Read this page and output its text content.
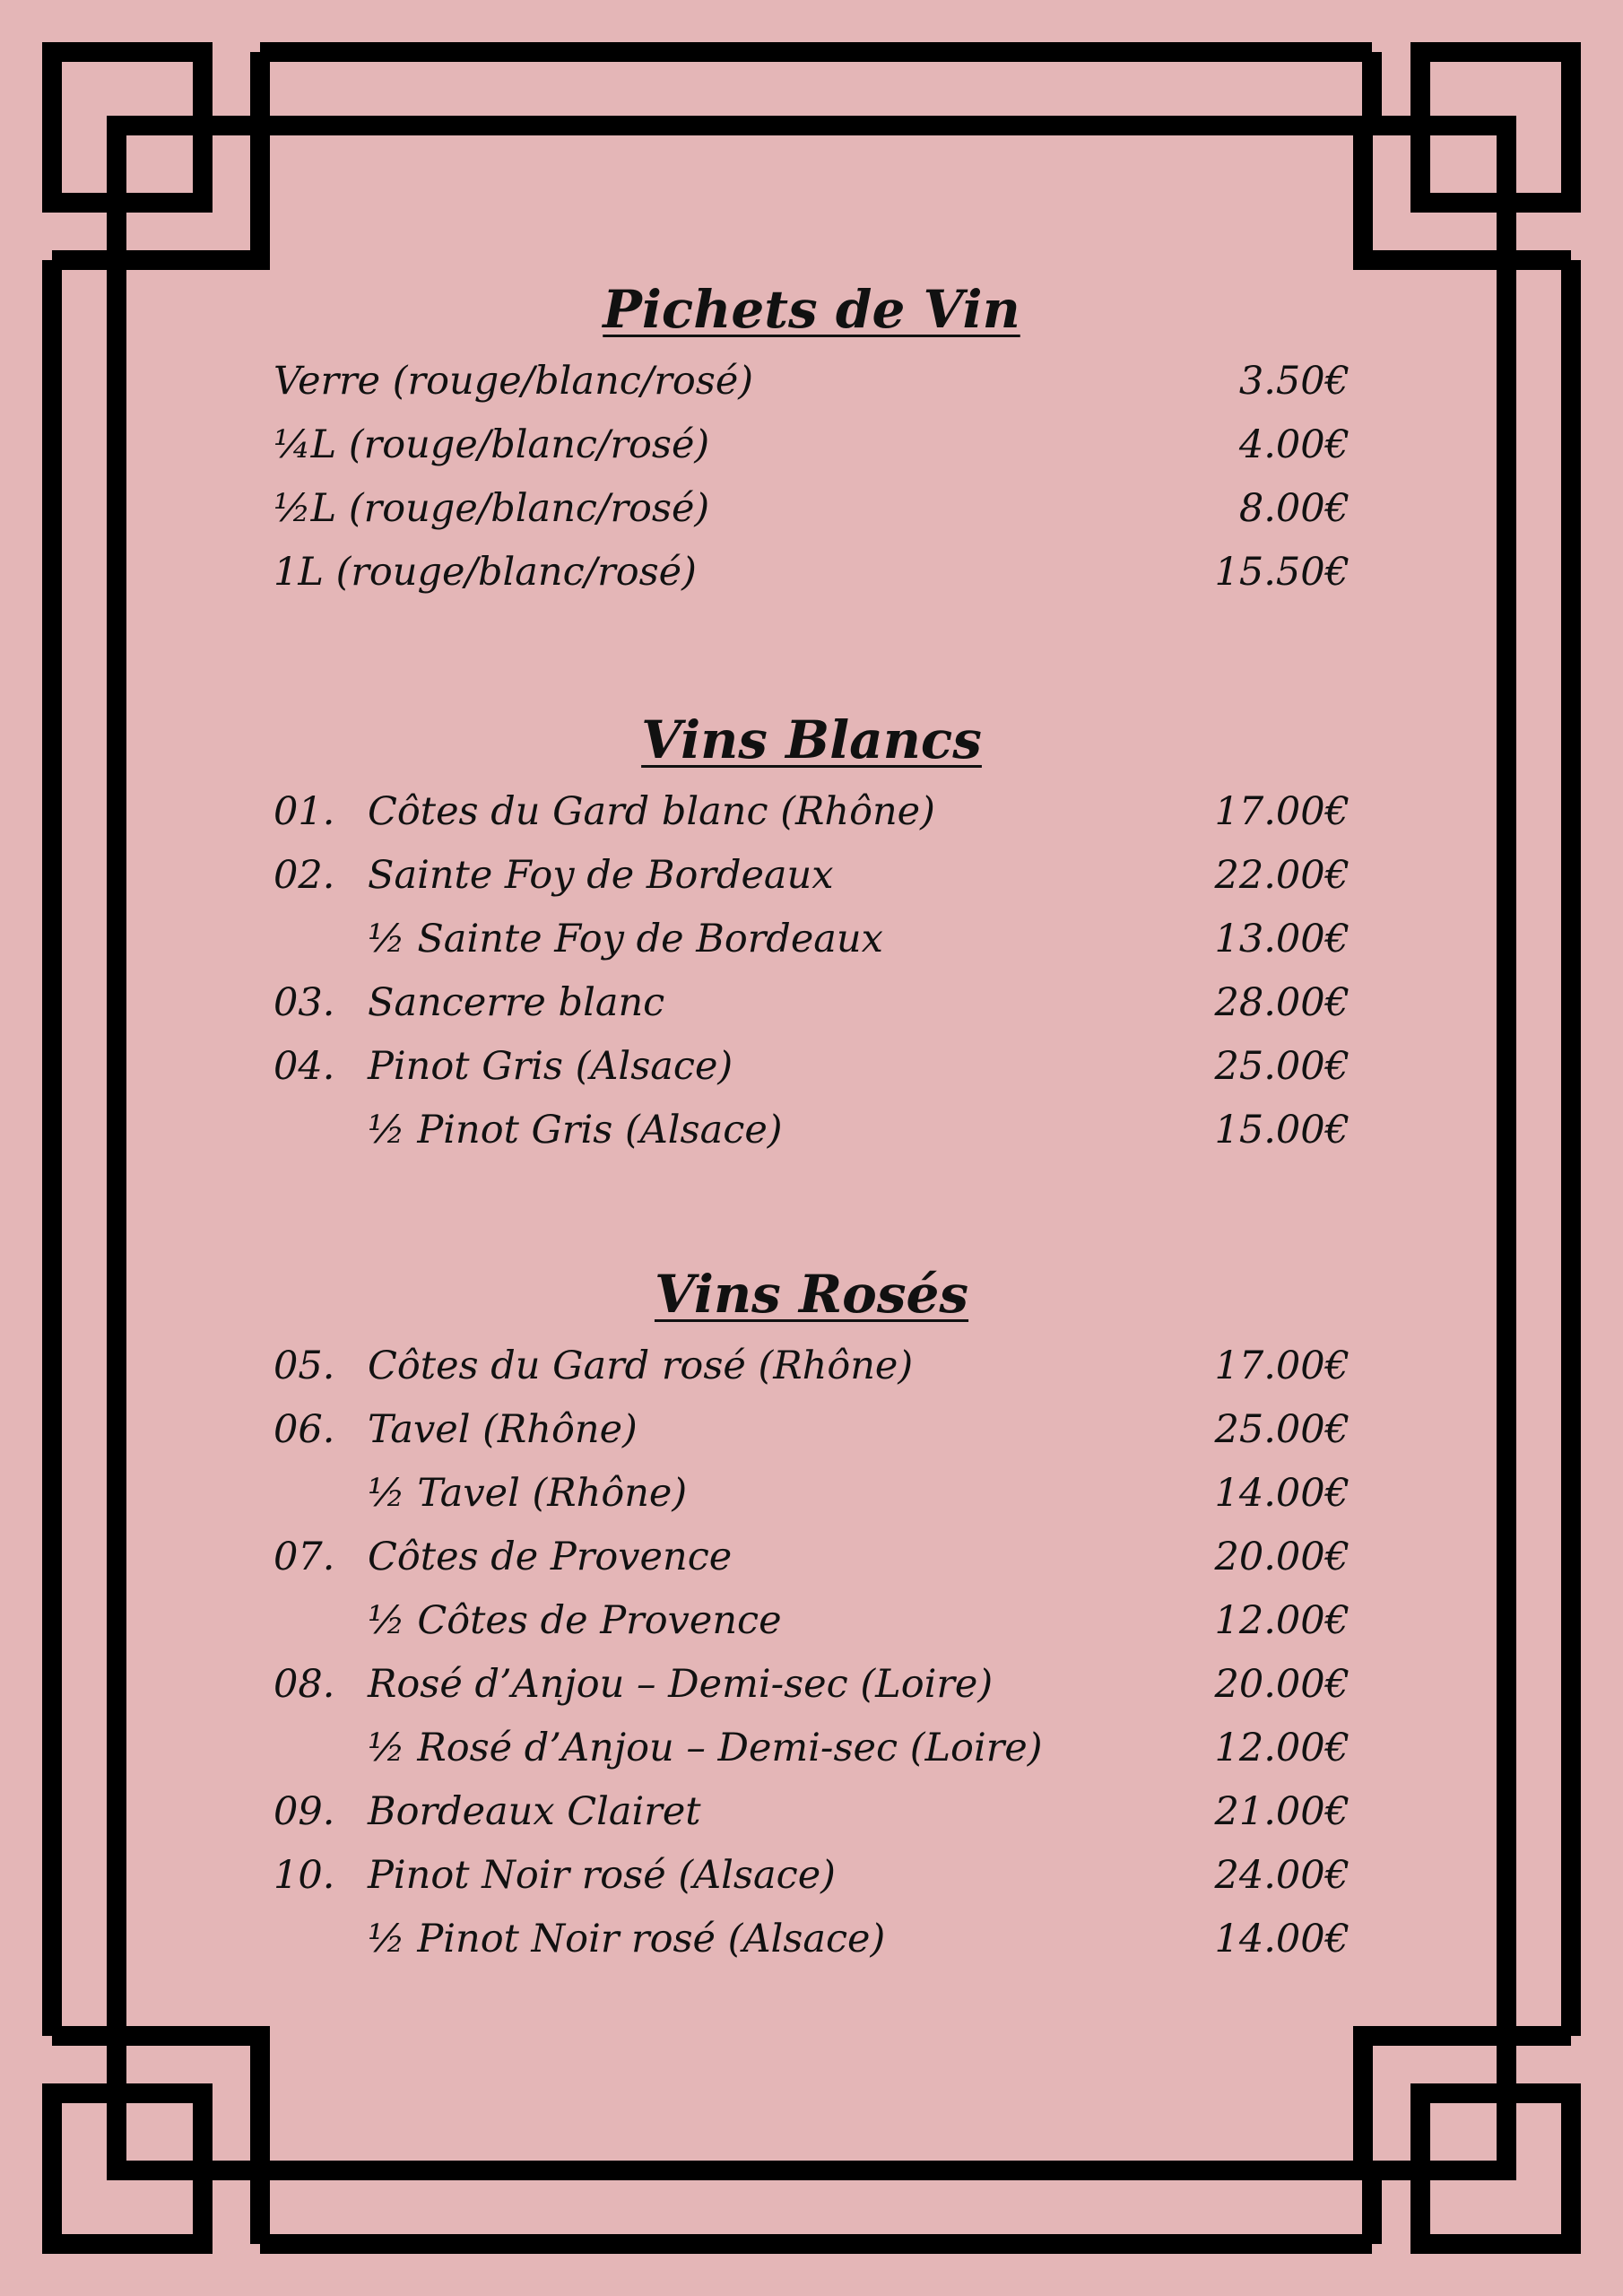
Pichets de Vin
Verre (rouge/blanc/rosé)	3.50€
¼L (rouge/blanc/rosé)	4.00€
½L (rouge/blanc/rosé)	8.00€
1L (rouge/blanc/rosé)	15.50€
Vins Blancs
01. Côtes du Gard blanc (Rhône)	17.00€
02. Sainte Foy de Bordeaux	22.00€
½ Sainte Foy de Bordeaux	13.00€
03. Sancerre blanc	28.00€
04. Pinot Gris (Alsace)	25.00€
½ Pinot Gris (Alsace)	15.00€
Vins Rosés
05. Côtes du Gard rosé (Rhône)	17.00€
06. Tavel (Rhône)	25.00€
½ Tavel (Rhône)	14.00€
07. Côtes de Provence	20.00€
½ Côtes de Provence	12.00€
08. Rosé d’Anjou – Demi-sec (Loire)	20.00€
½ Rosé d’Anjou – Demi-sec (Loire)	12.00€
09. Bordeaux Clairet	21.00€
10. Pinot Noir rosé (Alsace)	24.00€
½ Pinot Noir rosé (Alsace)	14.00€
